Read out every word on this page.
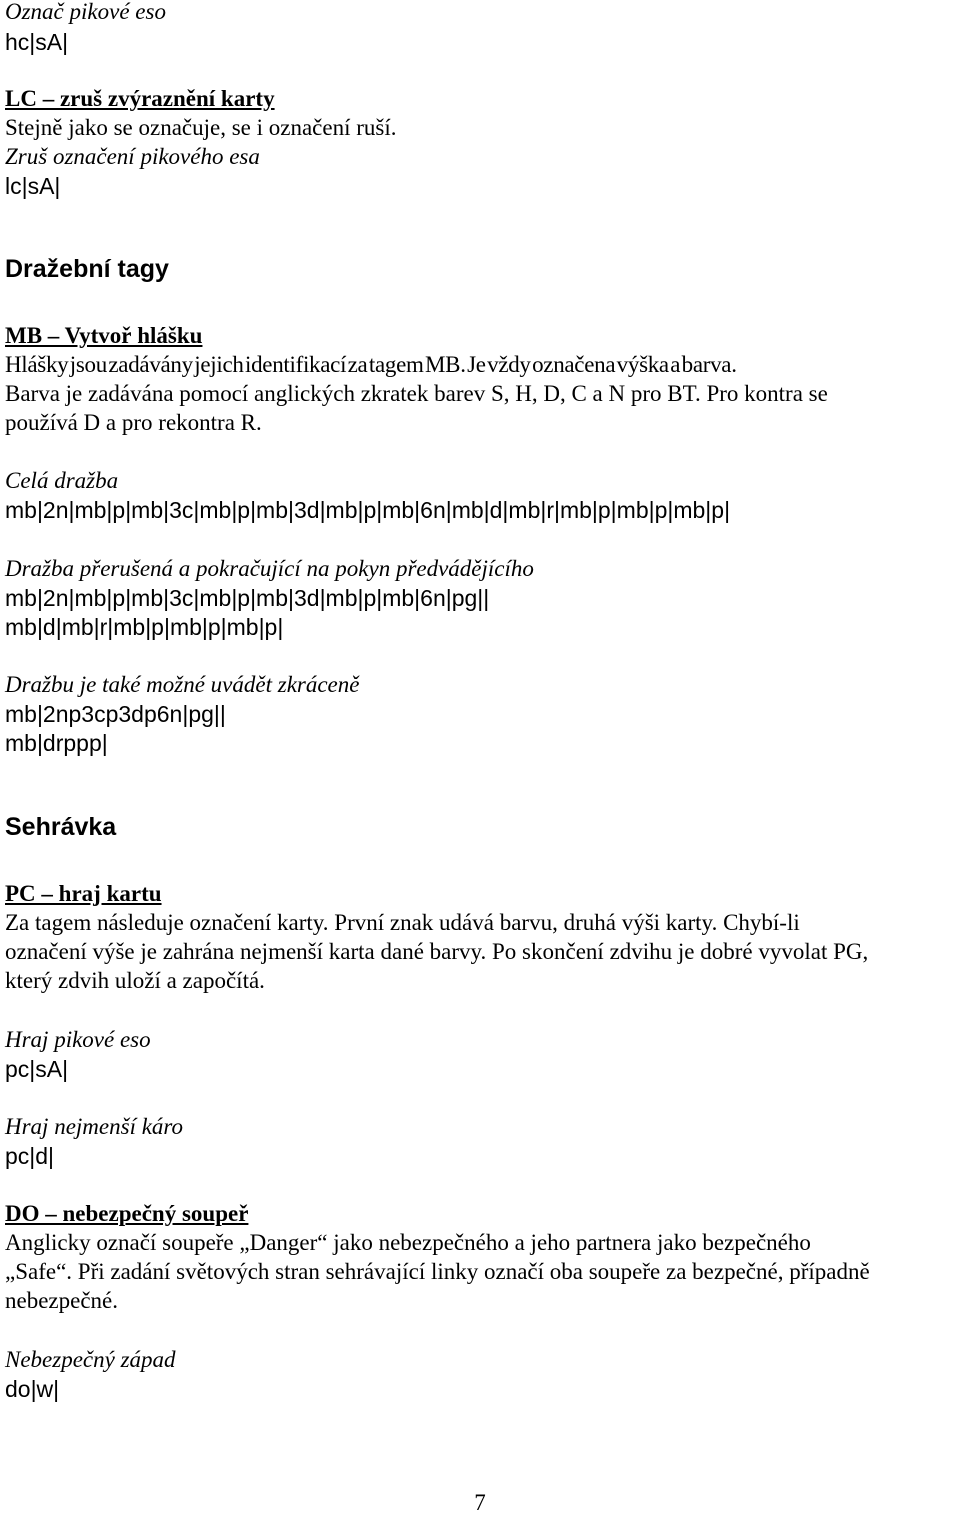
Označ pikové eso
hc|sA|
LC – zruš zvýraznění karty
Stejně jako se označuje, se i označení ruší.
Zruš označení pikového esa
lc|sA|
Dražební tagy
MB – Vytvoř hlášku
Hlášky jsou zadávány jejich identifikací za tagem MB. Je vždy označena výška a barva.
Barva je zadávána pomocí anglických zkratek barev S, H, D, C a N pro BT. Pro kontra se
používá D a pro rekontra R.
Celá dražba
mb|2n|mb|p|mb|3c|mb|p|mb|3d|mb|p|mb|6n|mb|d|mb|r|mb|p|mb|p|mb|p|
Dražba přerušená a pokračující na pokyn předvádějícího
mb|2n|mb|p|mb|3c|mb|p|mb|3d|mb|p|mb|6n|pg||
mb|d|mb|r|mb|p|mb|p|mb|p|
Dražbu je také možné uvádět zkráceně
mb|2np3cp3dp6n|pg||
mb|drppp|
Sehrávka
PC – hraj kartu
Za tagem následuje označení karty. První znak udává barvu, druhá výši karty. Chybí-li
označení výše je zahrána nejmenší karta dané barvy. Po skončení zdvihu je dobré vyvolat PG,
který zdvih uloží a započítá.
Hraj pikové eso
pc|sA|
Hraj nejmenší káro
pc|d|
DO – nebezpečný soupeř
Anglicky označí soupeře „Danger“ jako nebezpečného a jeho partnera jako bezpečného
„Safe“. Při zadání světových stran sehrávající linky označí oba soupeře za bezpečné, případně
nebezpečné.
Nebezpečný západ
do|w|
7
